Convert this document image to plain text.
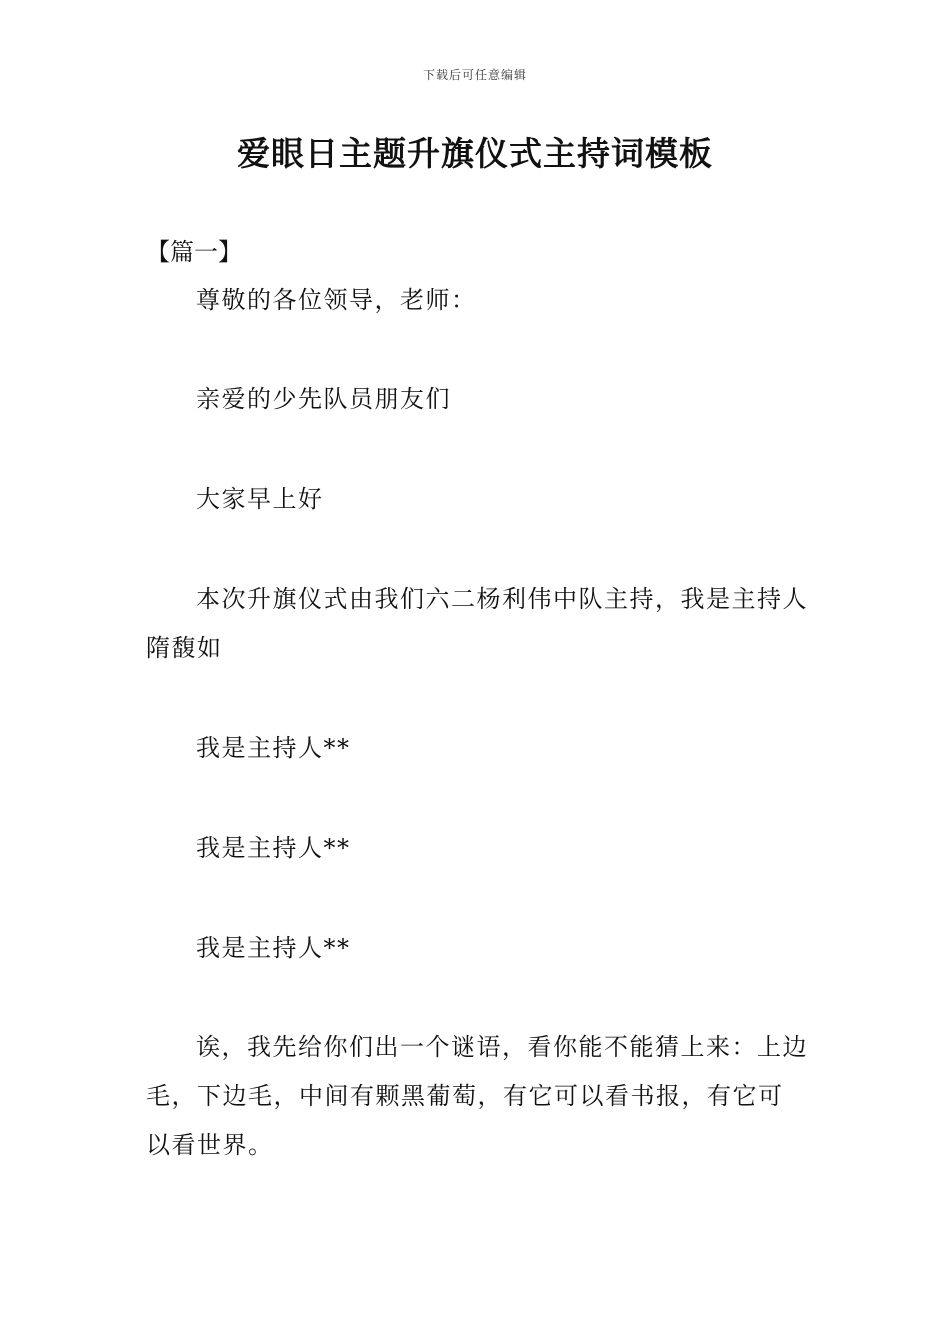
下载后可任意编辑
爱眼日主题升旗仪式主持词模板
【篇一】

尊敬的各位领导，老师：

亲爱的少先队员朋友们

大家早上好

本次升旗仪式由我们六二杨利伟中队主持，我是主持人隋馥如

我是主持人**

我是主持人**

我是主持人**

诶，我先给你们出一个谜语，看你能不能猜上来：上边毛，下边毛，中间有颗黑葡萄，有它可以看书报，有它可以看世界。
